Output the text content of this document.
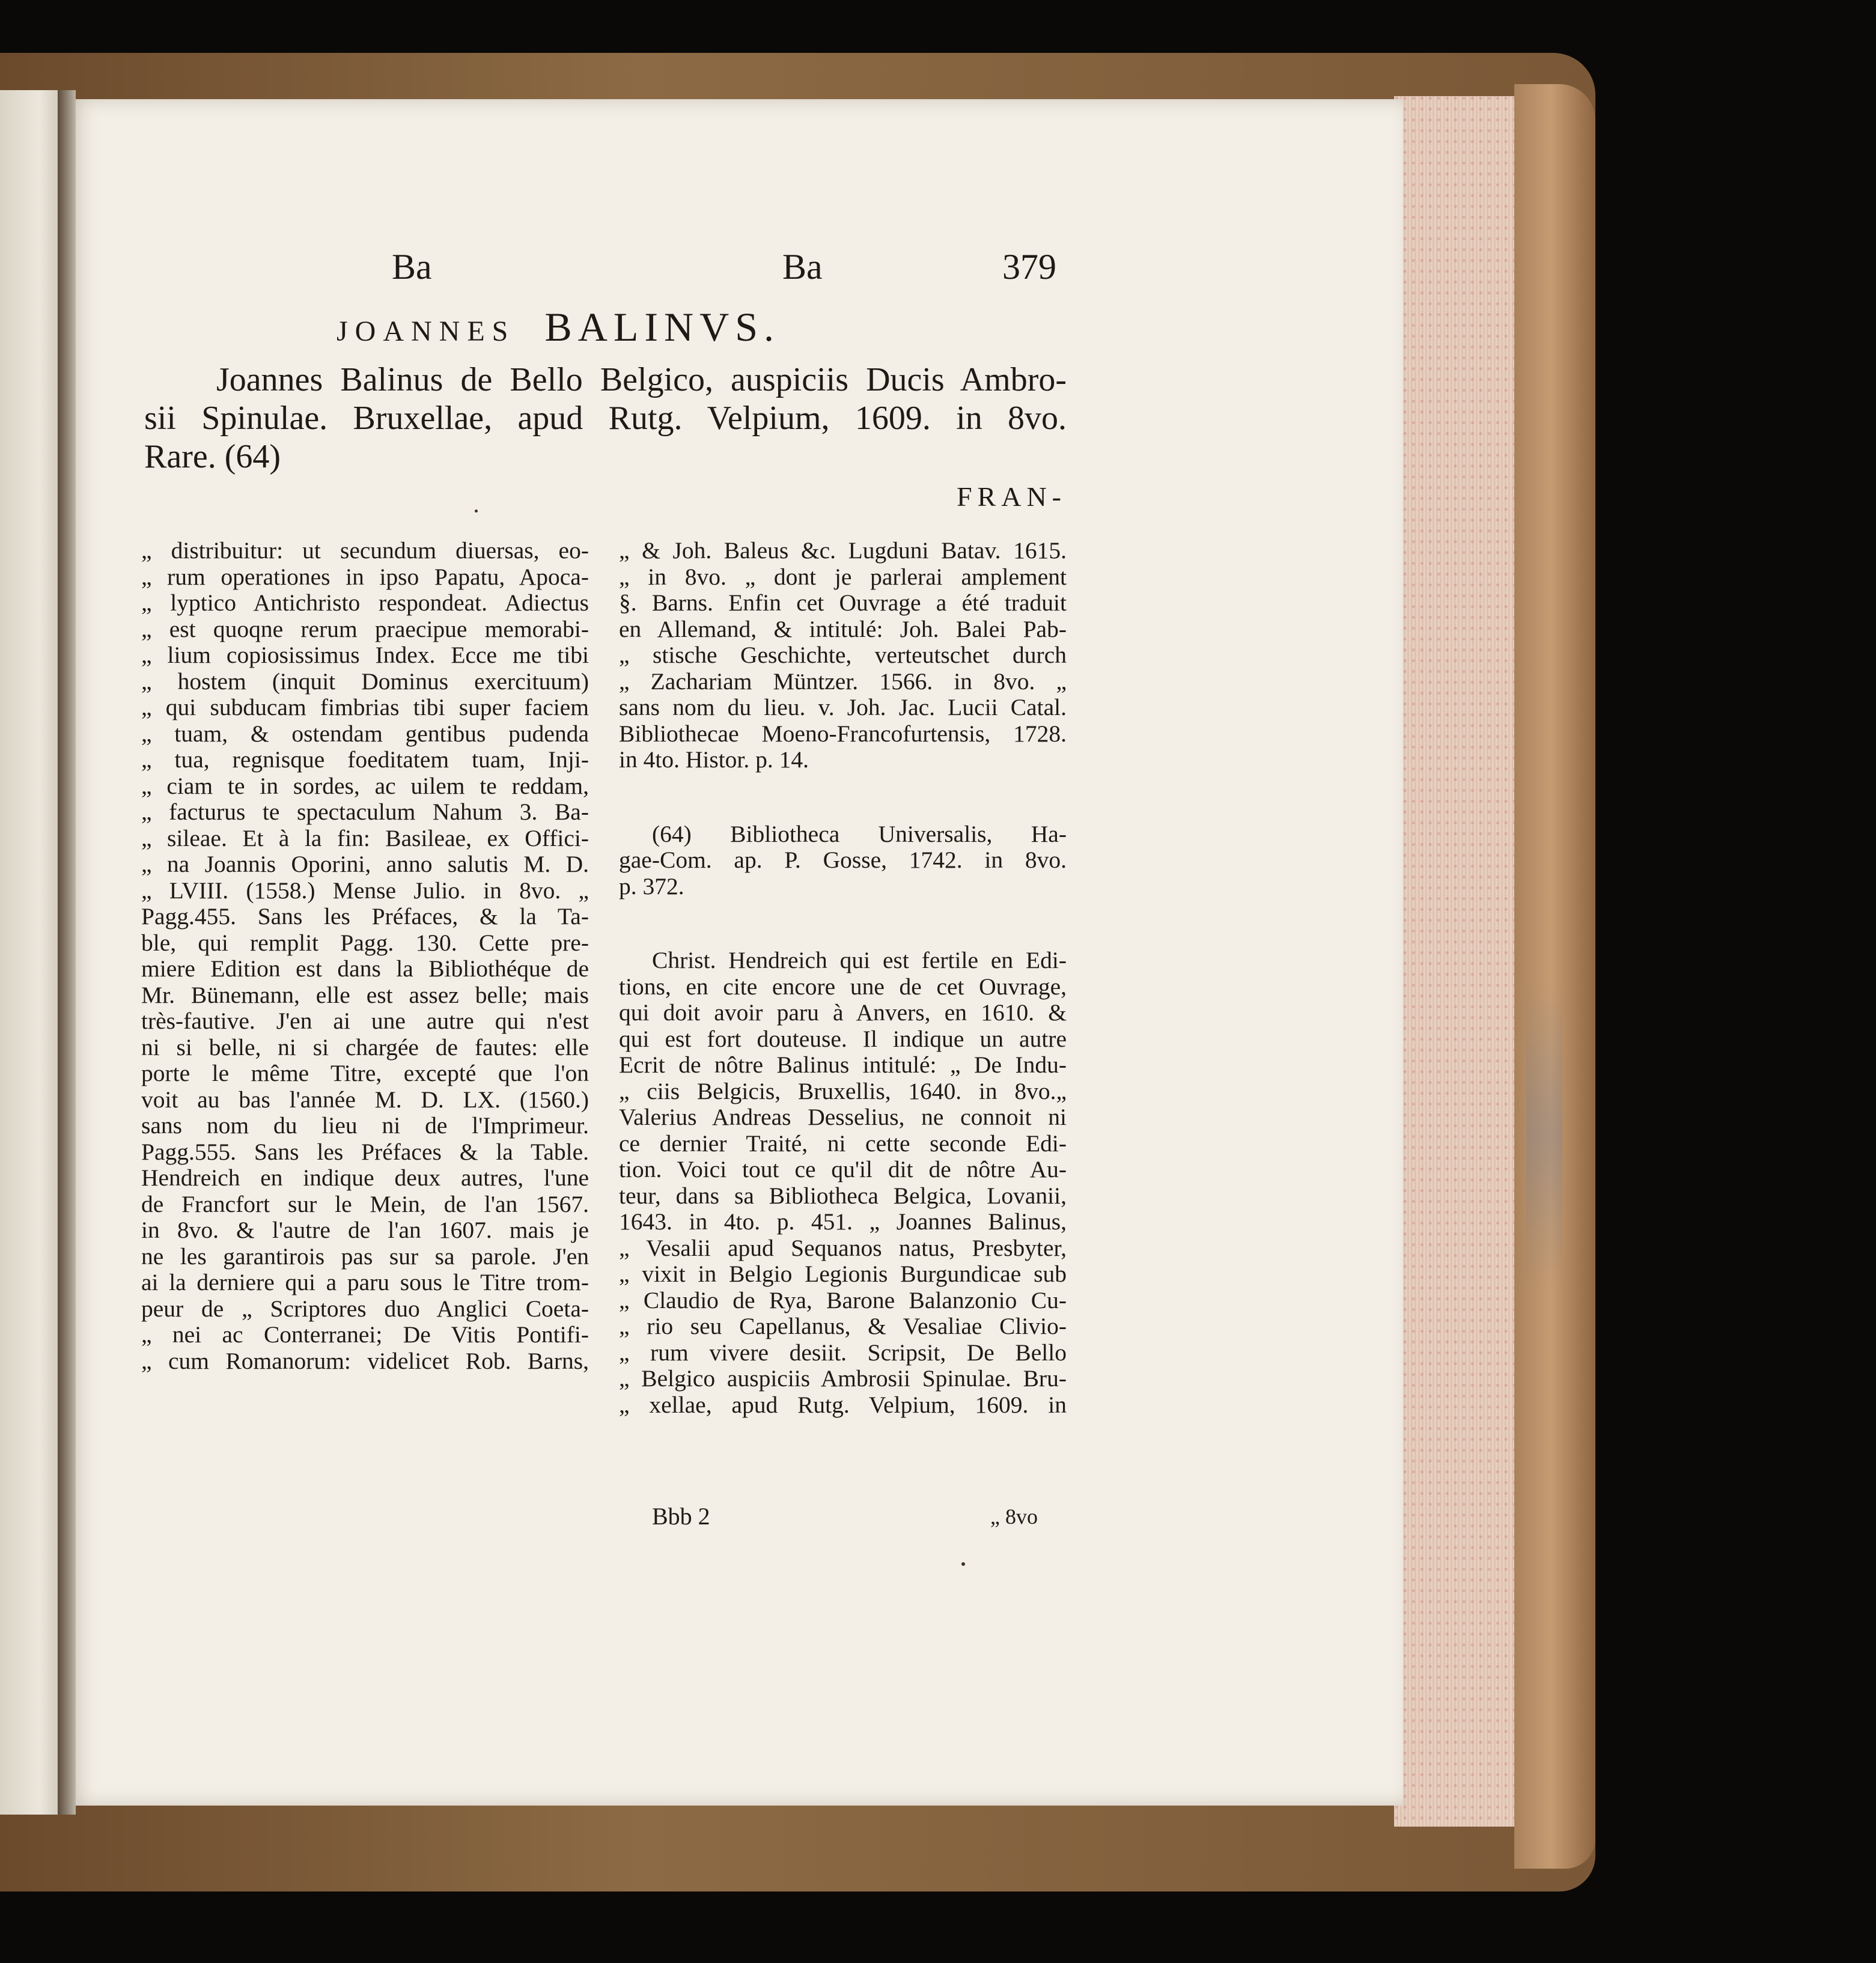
Ba	Ba	379
JOANNES BALINVS.
Joannes Balinus de Bello Belgico, auspiciis Ducis Ambro-
sii Spinulae. Bruxellae, apud Rutg. Velpium, 1609. in 8vo.
Rare. (64)
FRAN-
„ distribuitur: ut secundum diuersas, eo-
„ rum operationes in ipso Papatu, Apoca-
„ lyptico Antichristo respondeat. Adiectus
„ est quoqne rerum praecipue memorabi-
„ lium copiosissimus Index. Ecce me tibi
„ hostem (inquit Dominus exercituum)
„ qui subducam fimbrias tibi super faciem
„ tuam, & ostendam gentibus pudenda
„ tua, regnisque foeditatem tuam, Inji-
„ ciam te in sordes, ac uilem te reddam,
„ facturus te spectaculum Nahum 3. Ba-
„ sileae. Et à la fin: Basileae, ex Offici-
„ na Joannis Oporini, anno salutis M. D.
„ LVIII. (1558.) Mense Julio. in 8vo. „
Pagg.455. Sans les Préfaces, & la Ta-
ble, qui remplit Pagg. 130. Cette pre-
miere Edition est dans la Bibliothéque de
Mr. Bünemann, elle est assez belle; mais
très-fautive. J'en ai une autre qui n'est
ni si belle, ni si chargée de fautes: elle
porte le même Titre, excepté que l'on
voit au bas l'année M. D. LX. (1560.)
sans nom du lieu ni de l'Imprimeur.
Pagg.555. Sans les Préfaces & la Table.
Hendreich en indique deux autres, l'une
de Francfort sur le Mein, de l'an 1567.
in 8vo. & l'autre de l'an 1607. mais je
ne les garantirois pas sur sa parole. J'en
ai la derniere qui a paru sous le Titre trom-
peur de „ Scriptores duo Anglici Coeta-
„ nei ac Conterranei; De Vitis Pontifi-
„ cum Romanorum: videlicet Rob. Barns,
„ & Joh. Baleus &c. Lugduni Batav. 1615.
„ in 8vo. „ dont je parlerai amplement
§. Barns. Enfin cet Ouvrage a été traduit
en Allemand, & intitulé: Joh. Balei Pab-
„ stische Geschichte, verteutschet durch
„ Zachariam Müntzer. 1566. in 8vo. „
sans nom du lieu. v. Joh. Jac. Lucii Catal.
Bibliothecae Moeno-Francofurtensis, 1728.
in 4to. Histor. p. 14.
(64) Bibliotheca Universalis, Ha-
gae-Com. ap. P. Gosse, 1742. in 8vo.
p. 372.
Christ. Hendreich qui est fertile en Edi-
tions, en cite encore une de cet Ouvrage,
qui doit avoir paru à Anvers, en 1610. &
qui est fort douteuse. Il indique un autre
Ecrit de nôtre Balinus intitulé: „ De Indu-
„ ciis Belgicis, Bruxellis, 1640. in 8vo.„
Valerius Andreas Desselius, ne connoit ni
ce dernier Traité, ni cette seconde Edi-
tion. Voici tout ce qu'il dit de nôtre Au-
teur, dans sa Bibliotheca Belgica, Lovanii,
1643. in 4to. p. 451. „ Joannes Balinus,
„ Vesalii apud Sequanos natus, Presbyter,
„ vixit in Belgio Legionis Burgundicae sub
„ Claudio de Rya, Barone Balanzonio Cu-
„ rio seu Capellanus, & Vesaliae Clivio-
„ rum vivere desiit. Scripsit, De Bello
„ Belgico auspiciis Ambrosii Spinulae. Bru-
„ xellae, apud Rutg. Velpium, 1609. in
Bbb 2	„ 8vo
